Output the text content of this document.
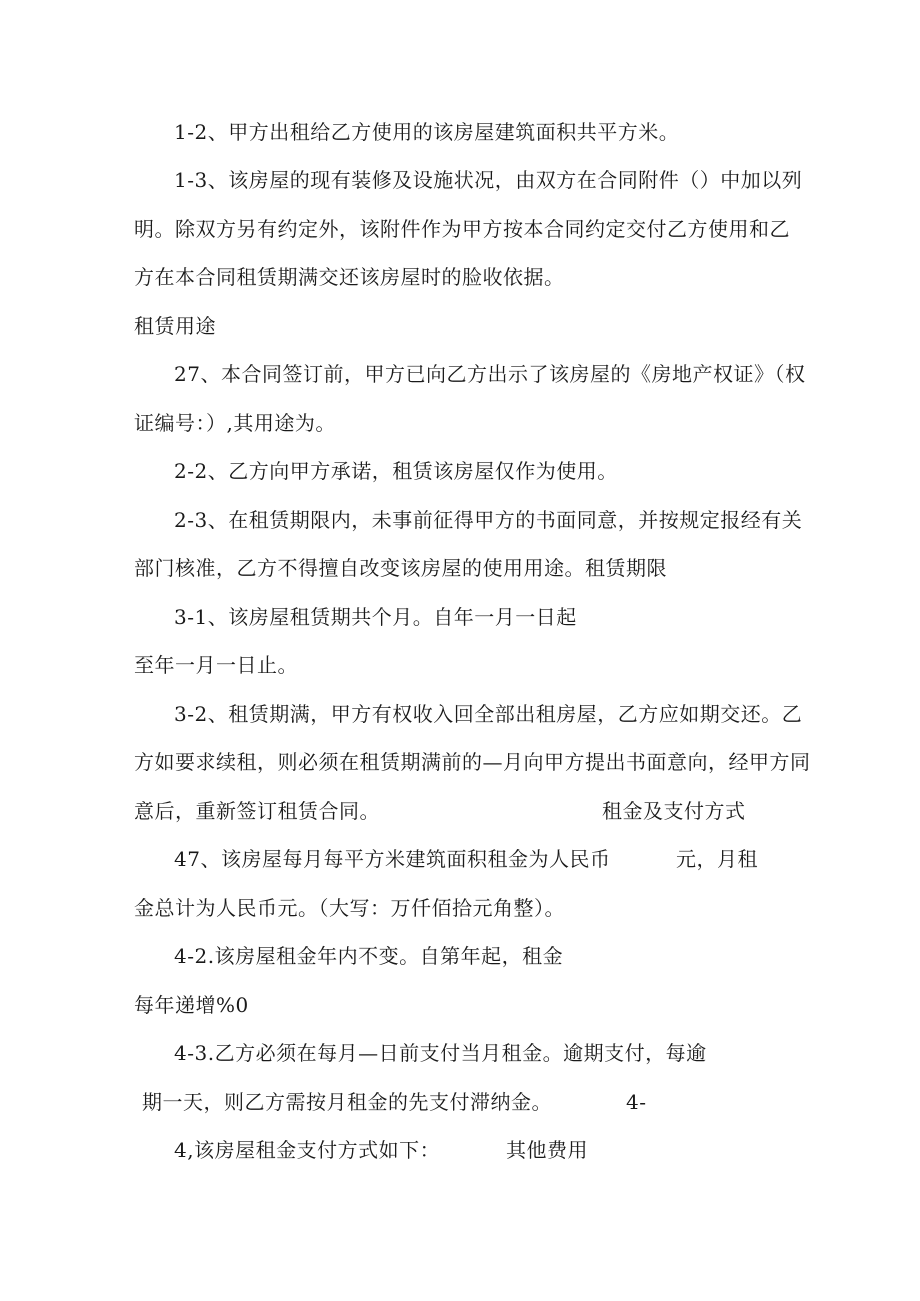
1-2、甲方出租给乙方使用的该房屋建筑面积共平方米。
1-3、该房屋的现有装修及设施状况，由双方在合同附件（）中加以列
明。除双方另有约定外，该附件作为甲方按本合同约定交付乙方使用和乙
方在本合同租赁期满交还该房屋时的脸收依据。
租赁用途
27、本合同签订前，甲方已向乙方出示了该房屋的《房地产权证》（权
证编号：）,其用途为。
2-2、乙方向甲方承诺，租赁该房屋仅作为使用。
2-3、在租赁期限内，未事前征得甲方的书面同意，并按规定报经有关
部门核准，乙方不得擅自改变该房屋的使用用途。租赁期限
3-1、该房屋租赁期共个月。自年一月一日起
至年一月一日止。
3-2、租赁期满，甲方有权收入回全部出租房屋，乙方应如期交还。乙
方如要求续租，则必须在租赁期满前的—月向甲方提出书面意向，经甲方同
意后，重新签订租赁合同。	租金及支付方式
47、该房屋每月每平方米建筑面积租金为人民币	元，月租
金总计为人民币元。（大写：万仟佰拾元角整）。
4-2.该房屋租金年内不变。自第年起，租金
每年递增%0
4-3.乙方必须在每月—日前支付当月租金。逾期支付，每逾
期一天，则乙方需按月租金的先支付滞纳金。	4-
4,该房屋租金支付方式如下：	其他费用
